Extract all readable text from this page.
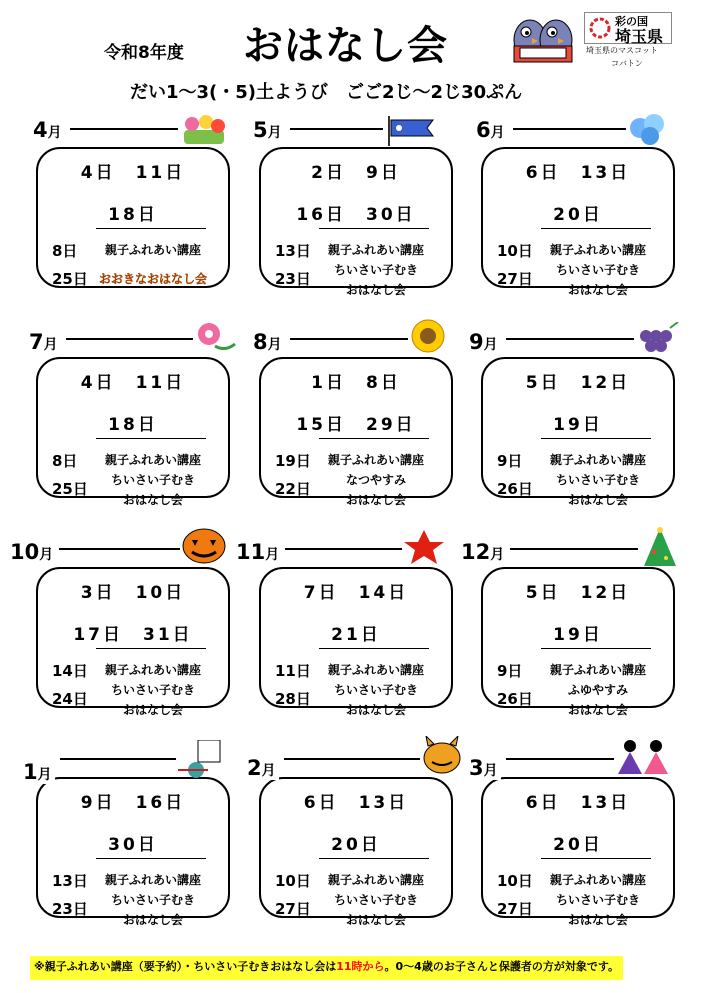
令和8年度 おはなし会
だい1～3(・5)土ようび　ごご2じ～2じ30ぷん
彩の国
埼玉県
埼玉県のマスコット
コバトン
4日　11日
18日
8日	親子ふれあい講座
25日 おおきなおはなし会
4月
2日　9日
16日　30日
13日	親子ふれあい講座
23日	ちいさい子むき
おはなし会
5月
6日　13日
20日
10日	親子ふれあい講座
27日	ちいさい子むき
おはなし会
6月
4日　11日
18日
8日	親子ふれあい講座
25日	ちいさい子むき
おはなし会
7月
1日　8日
15日　29日
19日	親子ふれあい講座
22日	なつやすみ
おはなし会
8月
5日　12日
19日
9日	親子ふれあい講座
26日	ちいさい子むき
おはなし会
9月
3日　10日
17日　31日
14日	親子ふれあい講座
24日	ちいさい子むき
おはなし会
10月
7日　14日
21日
11日	親子ふれあい講座
28日	ちいさい子むき
おはなし会
11月
5日　12日
19日
9日	親子ふれあい講座
26日	ふゆやすみ
おはなし会
12月
9日　16日
30日
13日	親子ふれあい講座
23日	ちいさい子むき
おはなし会
1月
6日　13日
20日
10日	親子ふれあい講座
27日	ちいさい子むき
おはなし会
2月
6日　13日
20日
10日	親子ふれあい講座
27日	ちいさい子むき
おはなし会
3月
※親子ふれあい講座（要予約）・ちいさい子むきおはなし会は11時から。0～4歳のお子さんと保護者の方が対象です。
